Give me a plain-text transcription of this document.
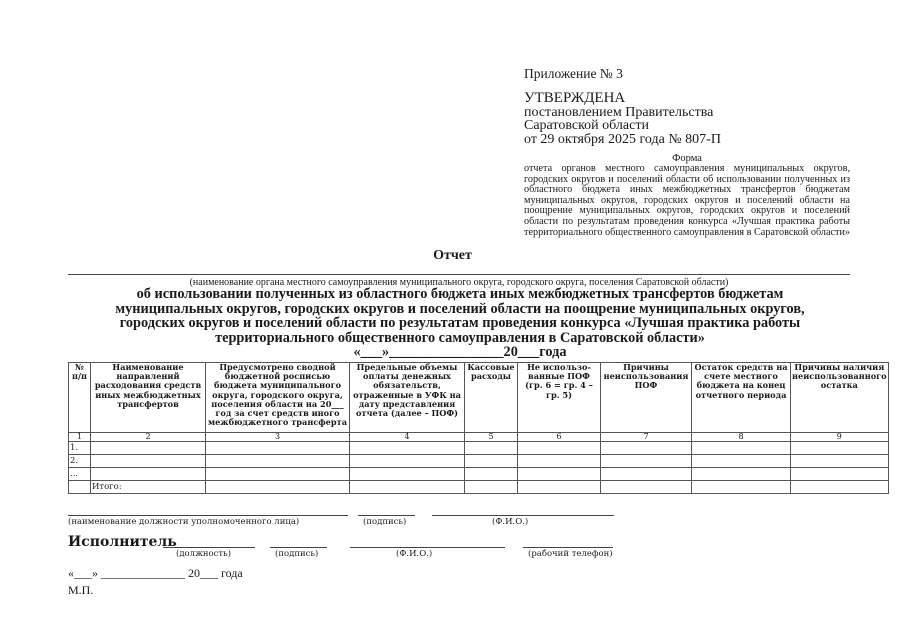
Приложение № 3
УТВЕРЖДЕНА
постановлением Правительства
Саратовской области
от 29 октября 2025 года № 807-П
Форма
отчета органов местного самоуправления муниципальных округов, городских округов и поселений области об использовании полученных из областного бюджета иных межбюджетных трансфертов бюджетам муниципальных округов, городских округов и поселений области на поощрение муниципальных округов, городских округов и поселений области по результатам проведения конкурса «Лучшая практика работы территориального общественного самоуправления в Саратовской области»
Отчет
(наименование органа местного самоуправления муниципального округа, городского округа, поселения Саратовской области)
об использовании полученных из областного бюджета иных межбюджетных трансфертов бюджетам
муниципальных округов, городских округов и поселений области на поощрение муниципальных округов,
городских округов и поселений области по результатам проведения конкурса «Лучшая практика работы
территориального общественного самоуправления в Саратовской области»
«___»________________20___года
№ п/п	Наименование направлений расходования средств иных межбюджетных трансфертов	Предусмотрено сводной бюджетной росписью бюджета муниципального округа, городского округа, поселения области на 20___ год за счет средств иного межбюджетного трансферта	Предельные объемы оплаты денежных обязательств, отраженные в УФК на дату представления отчета (далее – ПОФ)	Кассовые расходы	Не использо-ванные ПОФ (гр. 6 = гр. 4 – гр. 5)	Причины неиспользования ПОФ	Остаток средств на счете местного бюджета на конец отчетного периода	Причины наличия неиспользованного остатка
1	2	3	4	5	6	7	8	9
1.								
2.								
...								
	Итого:							
(наименование должности уполномоченного лица)	(подпись)	(Ф.И.О.)
Исполнитель
(должность)	(подпись)	(Ф.И.О.)	(рабочий телефон)
«___» ______________ 20___ года
М.П.
